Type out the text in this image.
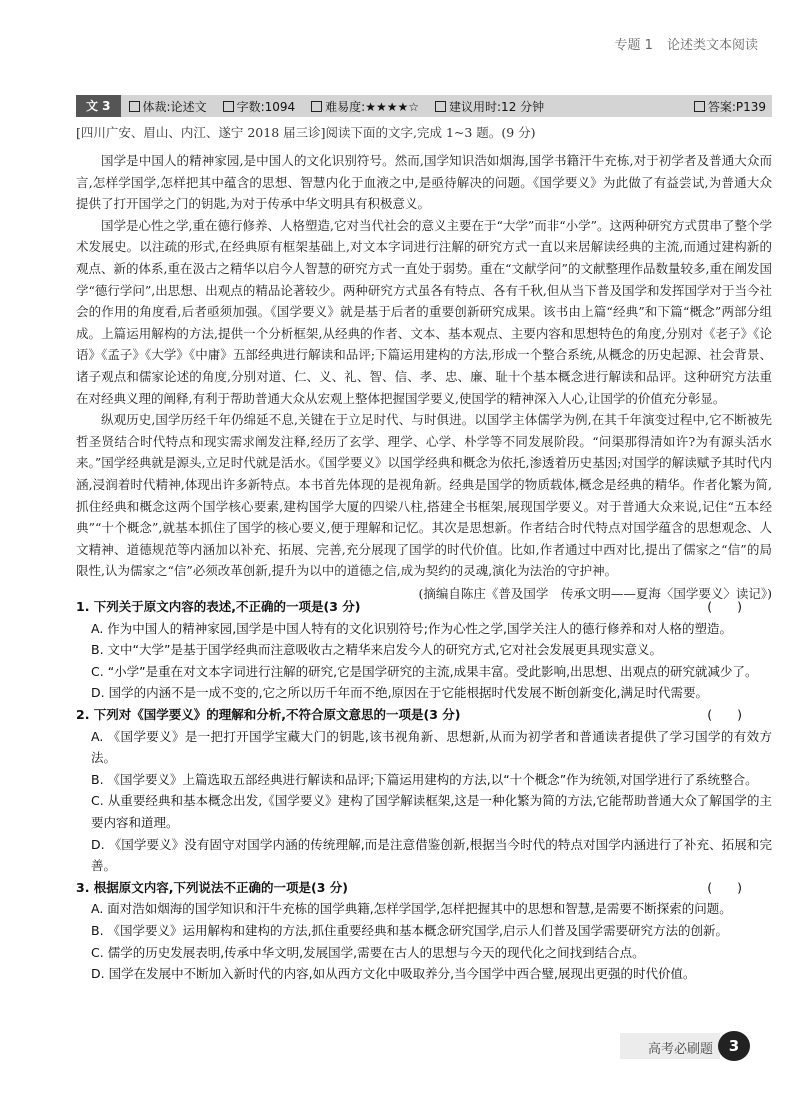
专题 1 论述类文本阅读
文 3	体裁:论述文	字数:1094	难易度:★★★★☆	建议用时:12 分钟	答案:P139
[四川广安、眉山、内江、遂宁 2018 届三诊]阅读下面的文字,完成 1~3 题。(9 分)

国学是中国人的精神家园,是中国人的文化识别符号。然而,国学知识浩如烟海,国学书籍汗牛充栋,对于初学者及普通大众而言,怎样学国学,怎样把其中蕴含的思想、智慧内化于血液之中,是亟待解决的问题。《国学要义》为此做了有益尝试,为普通大众提供了打开国学之门的钥匙,为对于传承中华文明具有积极意义。

国学是心性之学,重在德行修养、人格塑造,它对当代社会的意义主要在于“大学”而非“小学”。这两种研究方式贯串了整个学术发展史。以注疏的形式,在经典原有框架基础上,对文本字词进行注解的研究方式一直以来居解读经典的主流,而通过建构新的观点、新的体系,重在汲古之精华以启今人智慧的研究方式一直处于弱势。重在“文献学问”的文献整理作品数量较多,重在阐发国学“德行学问”,出思想、出观点的精品论著较少。两种研究方式虽各有特点、各有千秋,但从当下普及国学和发挥国学对于当今社会的作用的角度看,后者亟须加强。《国学要义》就是基于后者的重要创新研究成果。该书由上篇“经典”和下篇“概念”两部分组成。上篇运用解构的方法,提供一个分析框架,从经典的作者、文本、基本观点、主要内容和思想特色的角度,分别对《老子》《论语》《孟子》《大学》《中庸》五部经典进行解读和品评;下篇运用建构的方法,形成一个整合系统,从概念的历史起源、社会背景、诸子观点和儒家论述的角度,分别对道、仁、义、礼、智、信、孝、忠、廉、耻十个基本概念进行解读和品评。这种研究方法重在对经典义理的阐释,有利于帮助普通大众从宏观上整体把握国学要义,使国学的精神深入人心,让国学的价值充分彰显。

纵观历史,国学历经千年仍绵延不息,关键在于立足时代、与时俱进。以国学主体儒学为例,在其千年演变过程中,它不断被先哲圣贤结合时代特点和现实需求阐发注释,经历了玄学、理学、心学、朴学等不同发展阶段。“问渠那得清如许?为有源头活水来。”国学经典就是源头,立足时代就是活水。《国学要义》以国学经典和概念为依托,渗透着历史基因;对国学的解读赋予其时代内涵,浸润着时代精神,体现出许多新特点。本书首先体现的是视角新。经典是国学的物质载体,概念是经典的精华。作者化繁为简,抓住经典和概念这两个国学核心要素,建构国学大厦的四梁八柱,搭建全书框架,展现国学要义。对于普通大众来说,记住“五本经典”“十个概念”,就基本抓住了国学的核心要义,便于理解和记忆。其次是思想新。作者结合时代特点对国学蕴含的思想观念、人文精神、道德规范等内涵加以补充、拓展、完善,充分展现了国学的时代价值。比如,作者通过中西对比,提出了儒家之“信”的局限性,认为儒家之“信”必须改革创新,提升为以中的道德之信,成为契约的灵魂,演化为法治的守护神。

(摘编自陈庄《普及国学　传承文明——夏海〈国学要义〉读记》)
1. 下列关于原文内容的表述,不正确的一项是(3 分)	(　　)
A. 作为中国人的精神家园,国学是中国人特有的文化识别符号;作为心性之学,国学关注人的德行修养和对人格的塑造。
B. 文中“大学”是基于国学经典而注意吸收古之精华来启发今人的研究方式,它对社会发展更具现实意义。
C. “小学”是重在对文本字词进行注解的研究,它是国学研究的主流,成果丰富。受此影响,出思想、出观点的研究就减少了。
D. 国学的内涵不是一成不变的,它之所以历千年而不绝,原因在于它能根据时代发展不断创新变化,满足时代需要。
2. 下列对《国学要义》的理解和分析,不符合原文意思的一项是(3 分)	(　　)
A. 《国学要义》是一把打开国学宝藏大门的钥匙,该书视角新、思想新,从而为初学者和普通读者提供了学习国学的有效方法。
B. 《国学要义》上篇选取五部经典进行解读和品评;下篇运用建构的方法,以“十个概念”作为统领,对国学进行了系统整合。
C. 从重要经典和基本概念出发,《国学要义》建构了国学解读框架,这是一种化繁为简的方法,它能帮助普通大众了解国学的主要内容和道理。
D. 《国学要义》没有固守对国学内涵的传统理解,而是注意借鉴创新,根据当今时代的特点对国学内涵进行了补充、拓展和完善。
3. 根据原文内容,下列说法不正确的一项是(3 分)	(　　)
A. 面对浩如烟海的国学知识和汗牛充栋的国学典籍,怎样学国学,怎样把握其中的思想和智慧,是需要不断探索的问题。
B. 《国学要义》运用解构和建构的方法,抓住重要经典和基本概念研究国学,启示人们普及国学需要研究方法的创新。
C. 儒学的历史发展表明,传承中华文明,发展国学,需要在古人的思想与今天的现代化之间找到结合点。
D. 国学在发展中不断加入新时代的内容,如从西方文化中吸取养分,当今国学中西合璧,展现出更强的时代价值。
高考必刷题	3
